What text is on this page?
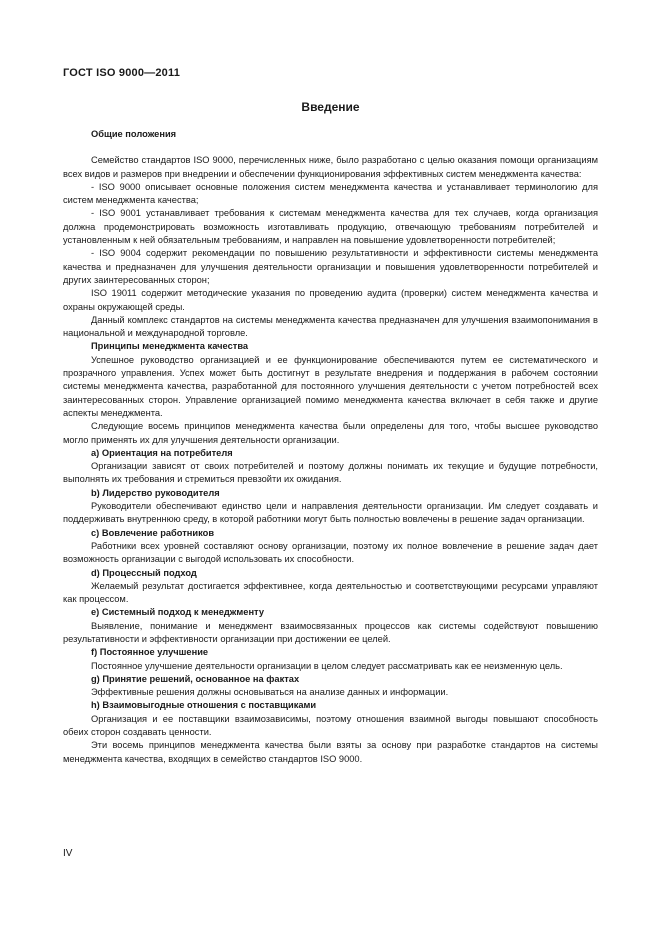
ГОСТ ISO 9000—2011
Введение

Общие положения

Семейство стандартов ISO 9000, перечисленных ниже, было разработано с целью оказания помощи организациям всех видов и размеров при внедрении и обеспечении функционирования эффективных систем менеджмента качества:

- ISO 9000 описывает основные положения систем менеджмента качества и устанавливает терминологию для систем менеджмента качества;

- ISO 9001 устанавливает требования к системам менеджмента качества для тех случаев, когда организация должна продемонстрировать возможность изготавливать продукцию, отвечающую требованиям потребителей и установленным к ней обязательным требованиям, и направлен на повышение удовлетворенности потребителей;

- ISO 9004 содержит рекомендации по повышению результативности и эффективности системы менеджмента качества и предназначен для улучшения деятельности организации и повышения удовлетворенности потребителей и других заинтересованных сторон;

ISO 19011 содержит методические указания по проведению аудита (проверки) систем менеджмента качества и охраны окружающей среды.

Данный комплекс стандартов на системы менеджмента качества предназначен для улучшения взаимопонимания в национальной и международной торговле.

Принципы менеджмента качества

Успешное руководство организацией и ее функционирование обеспечиваются путем ее систематического и прозрачного управления. Успех может быть достигнут в результате внедрения и поддержания в рабочем состоянии системы менеджмента качества, разработанной для постоянного улучшения деятельности с учетом потребностей всех заинтересованных сторон. Управление организацией помимо менеджмента качества включает в себя также и другие аспекты менеджмента.

Следующие восемь принципов менеджмента качества были определены для того, чтобы высшее руководство могло применять их для улучшения деятельности организации.

a) Ориентация на потребителя

Организации зависят от своих потребителей и поэтому должны понимать их текущие и будущие потребности, выполнять их требования и стремиться превзойти их ожидания.

b) Лидерство руководителя

Руководители обеспечивают единство цели и направления деятельности организации. Им следует создавать и поддерживать внутреннюю среду, в которой работники могут быть полностью вовлечены в решение задач организации.

c) Вовлечение работников

Работники всех уровней составляют основу организации, поэтому их полное вовлечение в решение задач дает возможность организации с выгодой использовать их способности.

d) Процессный подход

Желаемый результат достигается эффективнее, когда деятельностью и соответствующими ресурсами управляют как процессом.

e) Системный подход к менеджменту

Выявление, понимание и менеджмент взаимосвязанных процессов как системы содействуют повышению результативности и эффективности организации при достижении ее целей.

f) Постоянное улучшение

Постоянное улучшение деятельности организации в целом следует рассматривать как ее неизменную цель.

g) Принятие решений, основанное на фактах

Эффективные решения должны основываться на анализе данных и информации.

h) Взаимовыгодные отношения с поставщиками

Организация и ее поставщики взаимозависимы, поэтому отношения взаимной выгоды повышают способность обеих сторон создавать ценности.

Эти восемь принципов менеджмента качества были взяты за основу при разработке стандартов на системы менеджмента качества, входящих в семейство стандартов ISO 9000.

IV
